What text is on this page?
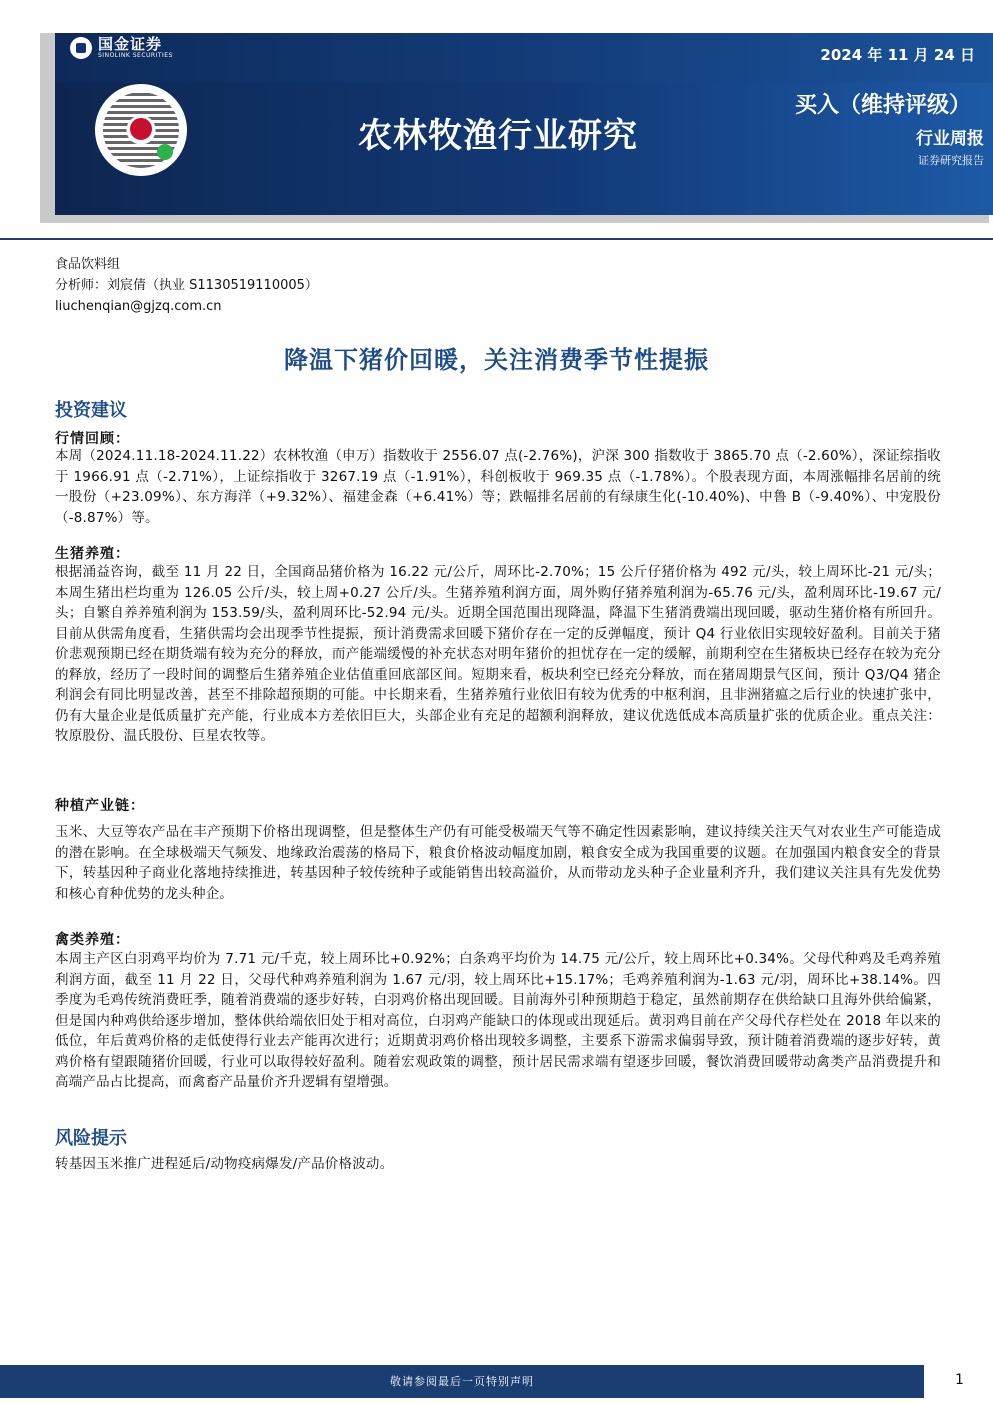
国金证券
SINOLINK SECURITIES
农林牧渔行业研究
2024 年 11 月 24 日
买入（维持评级）
行业周报
证券研究报告
食品饮料组
分析师：刘宸倩（执业 S1130519110005）
liuchenqian@gjzq.com.cn
降温下猪价回暖，关注消费季节性提振
投资建议
行情回顾：
本周（2024.11.18-2024.11.22）农林牧渔（申万）指数收于 2556.07 点(-2.76%)，沪深 300 指数收于 3865.70 点（-2.60%），深证综指收于 1966.91 点（-2.71%），上证综指收于 3267.19 点（-1.91%），科创板收于 969.35 点（-1.78%）。个股表现方面，本周涨幅排名居前的统一股份（+23.09%）、东方海洋（+9.32%）、福建金森（+6.41%）等；跌幅排名居前的有绿康生化(-10.40%)、中鲁 B（-9.40%）、中宠股份（-8.87%）等。
生猪养殖：
根据涌益咨询，截至 11 月 22 日，全国商品猪价格为 16.22 元/公斤，周环比-2.70%；15 公斤仔猪价格为 492 元/头，较上周环比-21 元/头；本周生猪出栏均重为 126.05 公斤/头，较上周+0.27 公斤/头。生猪养殖利润方面，周外购仔猪养殖利润为-65.76 元/头，盈利周环比-19.67 元/头；自繁自养养殖利润为 153.59/头，盈利周环比-52.94 元/头。近期全国范围出现降温，降温下生猪消费端出现回暖，驱动生猪价格有所回升。目前从供需角度看，生猪供需均会出现季节性提振，预计消费需求回暖下猪价存在一定的反弹幅度，预计 Q4 行业依旧实现较好盈利。目前关于猪价悲观预期已经在期货端有较为充分的释放，而产能端缓慢的补充状态对明年猪价的担忧存在一定的缓解，前期利空在生猪板块已经存在较为充分的释放，经历了一段时间的调整后生猪养殖企业估值重回底部区间。短期来看，板块利空已经充分释放，而在猪周期景气区间，预计 Q3/Q4 猪企利润会有同比明显改善，甚至不排除超预期的可能。中长期来看，生猪养殖行业依旧有较为优秀的中枢利润，且非洲猪瘟之后行业的快速扩张中，仍有大量企业是低质量扩充产能，行业成本方差依旧巨大，头部企业有充足的超额利润释放，建议优选低成本高质量扩张的优质企业。重点关注：牧原股份、温氏股份、巨星农牧等。
种植产业链：
玉米、大豆等农产品在丰产预期下价格出现调整，但是整体生产仍有可能受极端天气等不确定性因素影响，建议持续关注天气对农业生产可能造成的潜在影响。在全球极端天气频发、地缘政治震荡的格局下，粮食价格波动幅度加剧，粮食安全成为我国重要的议题。在加强国内粮食安全的背景下，转基因种子商业化落地持续推进，转基因种子较传统种子或能销售出较高溢价，从而带动龙头种子企业量利齐升，我们建议关注具有先发优势和核心育种优势的龙头种企。
禽类养殖：
本周主产区白羽鸡平均价为 7.71 元/千克，较上周环比+0.92%；白条鸡平均价为 14.75 元/公斤，较上周环比+0.34%。父母代种鸡及毛鸡养殖利润方面，截至 11 月 22 日，父母代种鸡养殖利润为 1.67 元/羽，较上周环比+15.17%；毛鸡养殖利润为-1.63 元/羽，周环比+38.14%。四季度为毛鸡传统消费旺季，随着消费端的逐步好转，白羽鸡价格出现回暖。目前海外引种预期趋于稳定，虽然前期存在供给缺口且海外供给偏紧，但是国内种鸡供给逐步增加，整体供给端依旧处于相对高位，白羽鸡产能缺口的体现或出现延后。黄羽鸡目前在产父母代存栏处在 2018 年以来的低位，年后黄鸡价格的走低使得行业去产能再次进行；近期黄羽鸡价格出现较多调整，主要系下游需求偏弱导致，预计随着消费端的逐步好转，黄鸡价格有望跟随猪价回暖，行业可以取得较好盈利。随着宏观政策的调整，预计居民需求端有望逐步回暖，餐饮消费回暖带动禽类产品消费提升和高端产品占比提高，而禽畜产品量价齐升逻辑有望增强。
风险提示
转基因玉米推广进程延后/动物疫病爆发/产品价格波动。
敬请参阅最后一页特别声明	1
